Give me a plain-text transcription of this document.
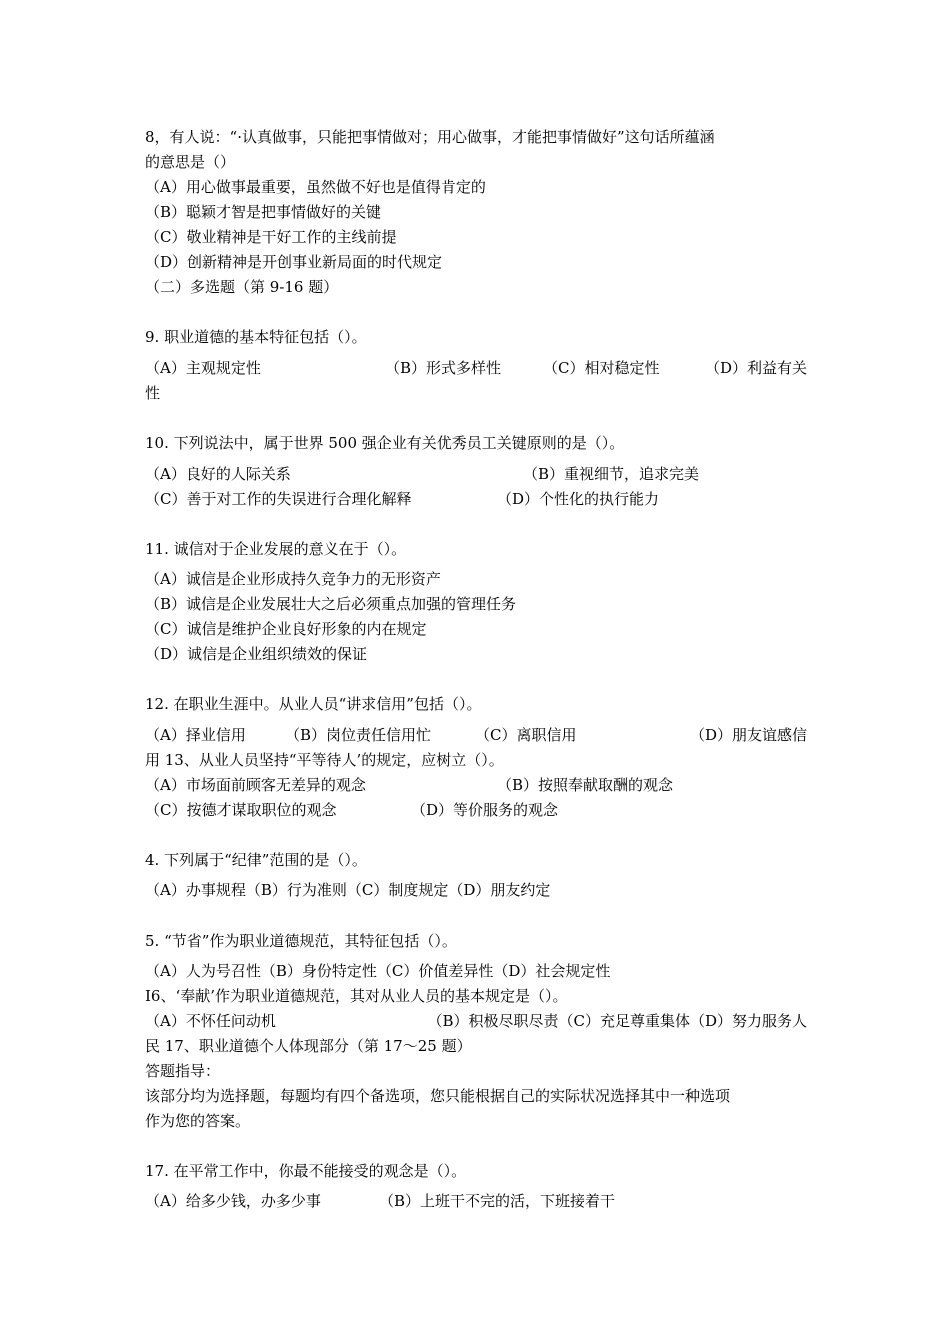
8，有人说：“·认真做事，只能把事情做对；用心做事，才能把事情做好”这句话所蕴涵
的意思是（）
（A）用心做事最重要，虽然做不好也是值得肯定的
（B）聪颖才智是把事情做好的关键
（C）敬业精神是干好工作的主线前提
（D）创新精神是开创事业新局面的时代规定
（二）多选题（第 9-16 题）
9. 职业道德的基本特征包括（）。
（A）主观规定性	（B）形式多样性	（C）相对稳定性	（D）利益有关
性
10. 下列说法中，属于世界 500 强企业有关优秀员工关键原则的是（）。
（A）良好的人际关系	（B）重视细节，追求完美
（C）善于对工作的失误进行合理化解释	（D）个性化的执行能力
11. 诚信对于企业发展的意义在于（）。
（A）诚信是企业形成持久竞争力的无形资产
（B）诚信是企业发展壮大之后必须重点加强的管理任务
（C）诚信是维护企业良好形象的内在规定
（D）诚信是企业组织绩效的保证
12. 在职业生涯中。从业人员“讲求信用”包括（）。
（A）择业信用	（B）岗位责任信用忙	（C）离职信用	（D）朋友谊感信
用 13、从业人员坚持“平等待人’的规定，应树立（）。
（A）市场面前顾客无差异的观念	（B）按照奉献取酬的观念
（C）按德才谋取职位的观念	（D）等价服务的观念
4. 下列属于“纪律”范围的是（）。
（A）办事规程（B）行为准则（C）制度规定（D）朋友约定
5. “节省”作为职业道德规范，其特征包括（）。
（A）人为号召性（B）身份特定性（C）价值差异性（D）社会规定性
I6、‘奉献’作为职业道德规范，其对从业人员的基本规定是（）。
（A）不怀任问动机	（B）积极尽职尽责（C）充足尊重集体（D）努力服务人
民 17、职业道德个人体现部分（第 17～25 题）
答题指导：
该部分均为选择题，每题均有四个备选项，您只能根据自己的实际状况选择其中一种选项
作为您的答案。
17. 在平常工作中，你最不能接受的观念是（）。
（A）给多少钱，办多少事	（B）上班干不完的活，下班接着干
